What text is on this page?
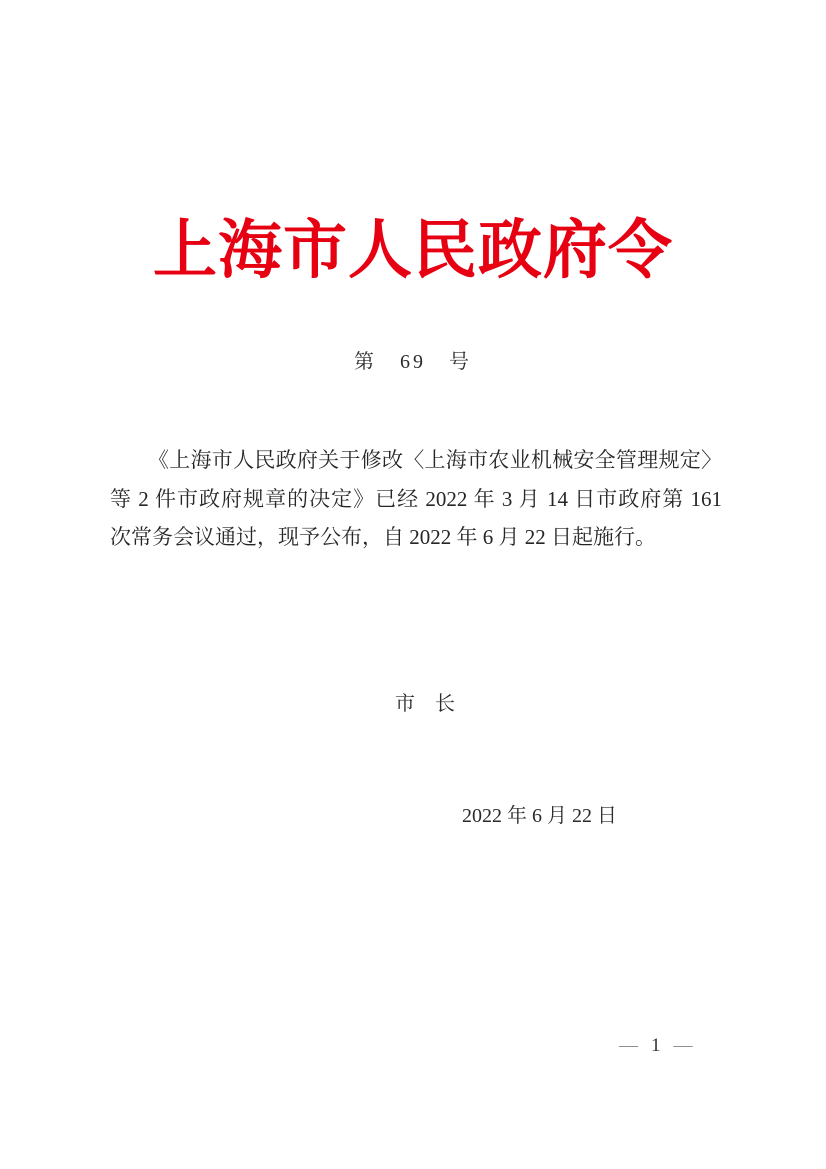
上海市人民政府令
第　69　号
《上海市人民政府关于修改〈上海市农业机械安全管理规定〉
等 2 件市政府规章的决定》已经 2022 年 3 月 14 日市政府第 161
次常务会议通过，现予公布，自 2022 年 6 月 22 日起施行。
市　长
2022 年 6 月 22 日
— 1 —
